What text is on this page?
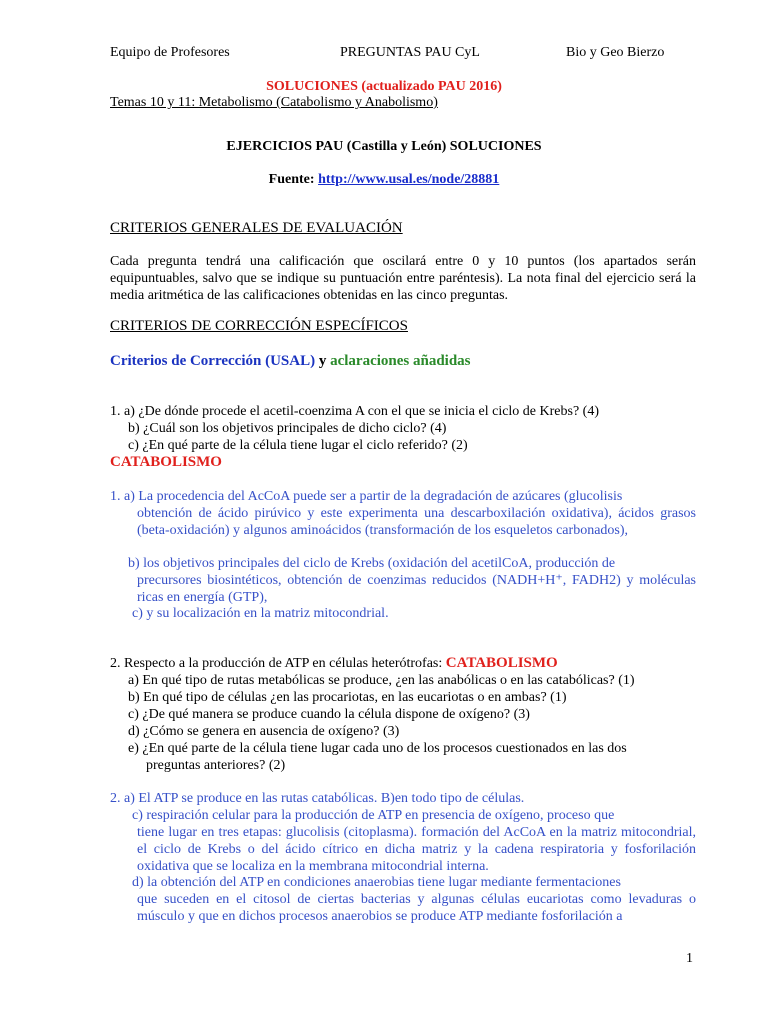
Equipo de Profesores	PREGUNTAS PAU CyL	Bio y Geo Bierzo
SOLUCIONES (actualizado PAU 2016)
Temas 10 y 11: Metabolismo (Catabolismo y Anabolismo)
EJERCICIOS PAU (Castilla y León) SOLUCIONES
Fuente: http://www.usal.es/node/28881
CRITERIOS GENERALES DE EVALUACIÓN
Cada pregunta tendrá una calificación que oscilará entre 0 y 10 puntos (los apartados serán equipuntuables, salvo que se indique su puntuación entre paréntesis). La nota final del ejercicio será la media aritmética de las calificaciones obtenidas en las cinco preguntas.
CRITERIOS DE CORRECCIÓN ESPECÍFICOS
Criterios de Corrección (USAL) y aclaraciones añadidas
1. a) ¿De dónde procede el acetil-coenzima A con el que se inicia el ciclo de Krebs? (4)
b) ¿Cuál son los objetivos principales de dicho ciclo? (4)
c) ¿En qué parte de la célula tiene lugar el ciclo referido? (2)
CATABOLISMO
1. a) La procedencia del AcCoA puede ser a partir de la degradación de azúcares (glucolisis
obtención de ácido pirúvico y este experimenta una descarboxilación oxidativa), ácidos grasos (beta-oxidación) y algunos aminoácidos (transformación de los esqueletos carbonados),
b) los objetivos principales del ciclo de Krebs (oxidación del acetilCoA, producción de
precursores biosintéticos, obtención de coenzimas reducidos (NADH+H⁺, FADH2) y moléculas ricas en energía (GTP),
c) y su localización en la matriz mitocondrial.
2. Respecto a la producción de ATP en células heterótrofas: CATABOLISMO
a) En qué tipo de rutas metabólicas se produce, ¿en las anabólicas o en las catabólicas? (1)
b) En qué tipo de células ¿en las procariotas, en las eucariotas o en ambas? (1)
c) ¿De qué manera se produce cuando la célula dispone de oxígeno? (3)
d) ¿Cómo se genera en ausencia de oxígeno? (3)
e) ¿En qué parte de la célula tiene lugar cada uno de los procesos cuestionados en las dos
preguntas anteriores? (2)
2. a) El ATP se produce en las rutas catabólicas. B)en todo tipo de células.
c) respiración celular para la producción de ATP en presencia de oxígeno, proceso que
tiene lugar en tres etapas: glucolisis (citoplasma). formación del AcCoA en la matriz mitocondrial, el ciclo de Krebs o del ácido cítrico en dicha matriz y la cadena respiratoria y fosforilación oxidativa que se localiza en la membrana mitocondrial interna.
d) la obtención del ATP en condiciones anaerobias tiene lugar mediante fermentaciones
que suceden en el citosol de ciertas bacterias y algunas células eucariotas como levaduras o músculo y que en dichos procesos anaerobios se produce ATP mediante fosforilación a
1
